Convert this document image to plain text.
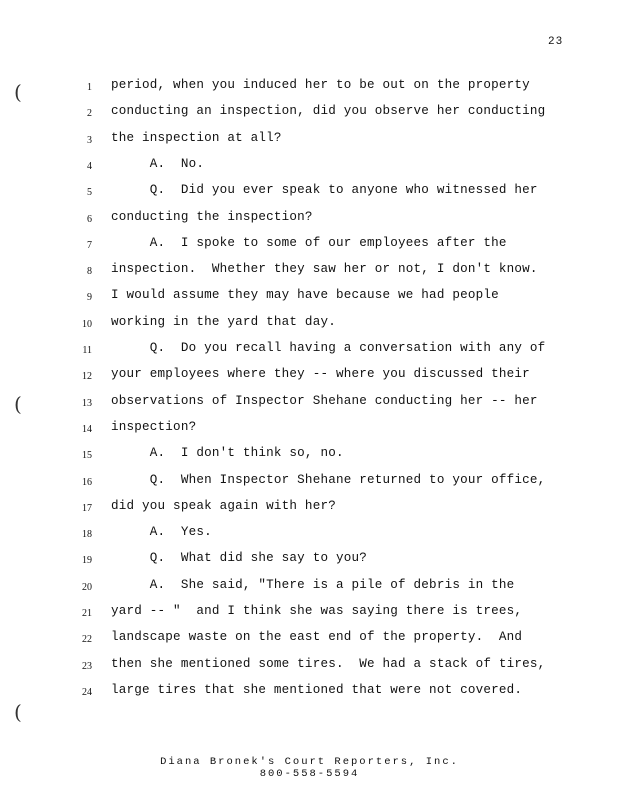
23
(
(
(
1 period, when you induced her to be out on the property
2 conducting an inspection, did you observe her conducting
3 the inspection at all?
4 A.  No.
5 Q.  Did you ever speak to anyone who witnessed her
6 conducting the inspection?
7 A.  I spoke to some of our employees after the
8 inspection.  Whether they saw her or not, I don't know.
9 I would assume they may have because we had people
10 working in the yard that day.
11 Q.  Do you recall having a conversation with any of
12 your employees where they -- where you discussed their
13 observations of Inspector Shehane conducting her -- her
14 inspection?
15 A.  I don't think so, no.
16 Q.  When Inspector Shehane returned to your office,
17 did you speak again with her?
18 A.  Yes.
19 Q.  What did she say to you?
20 A.  She said, "There is a pile of debris in the
21 yard -- "  and I think she was saying there is trees,
22 landscape waste on the east end of the property.  And
23 then she mentioned some tires.  We had a stack of tires,
24 large tires that she mentioned that were not covered.
Diana Bronek's Court Reporters, Inc.
800-558-5594
